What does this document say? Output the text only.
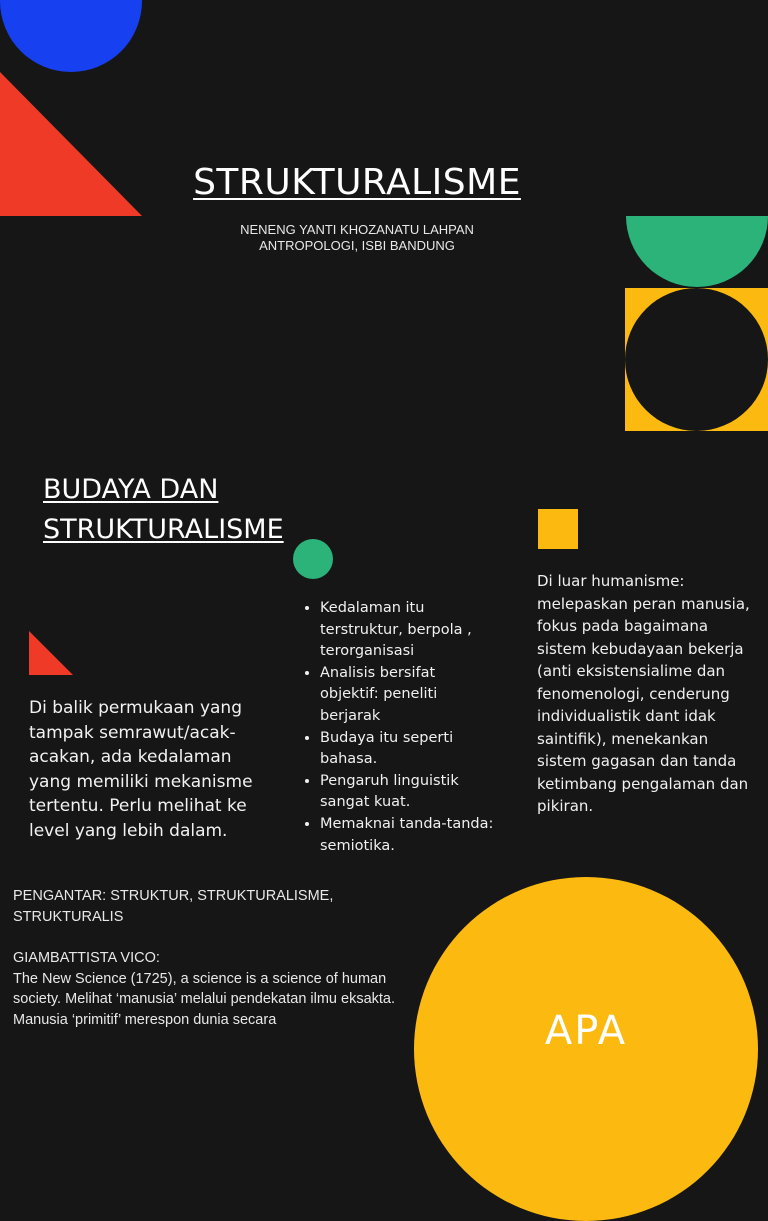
STRUKTURALISME
NENENG YANTI KHOZANATU LAHPAN
ANTROPOLOGI, ISBI BANDUNG
BUDAYA DAN
STRUKTURALISME
• Kedalaman itu terstruktur, berpola , terorganisasi
• Analisis bersifat objektif: peneliti berjarak
• Budaya itu seperti bahasa.
• Pengaruh linguistik sangat kuat.
• Memaknai tanda-tanda: semiotika.

Di luar humanisme: melepaskan peran manusia, fokus pada bagaimana sistem kebudayaan bekerja (anti eksistensialime dan fenomenologi, cenderung individualistik dant idak saintifik), menekankan sistem gagasan dan tanda ketimbang pengalaman dan pikiran.

Di balik permukaan yang tampak semrawut/acak-acakan, ada kedalaman yang memiliki mekanisme tertentu. Perlu melihat ke level yang lebih dalam.

PENGANTAR: STRUKTUR, STRUKTURALISME, STRUKTURALIS

GIAMBATTISTA VICO:

The New Science (1725), a science is a science of human society. Melihat ‘manusia’ melalui pendekatan ilmu eksakta. Manusia ‘primitif’ merespon dunia secara	APA
